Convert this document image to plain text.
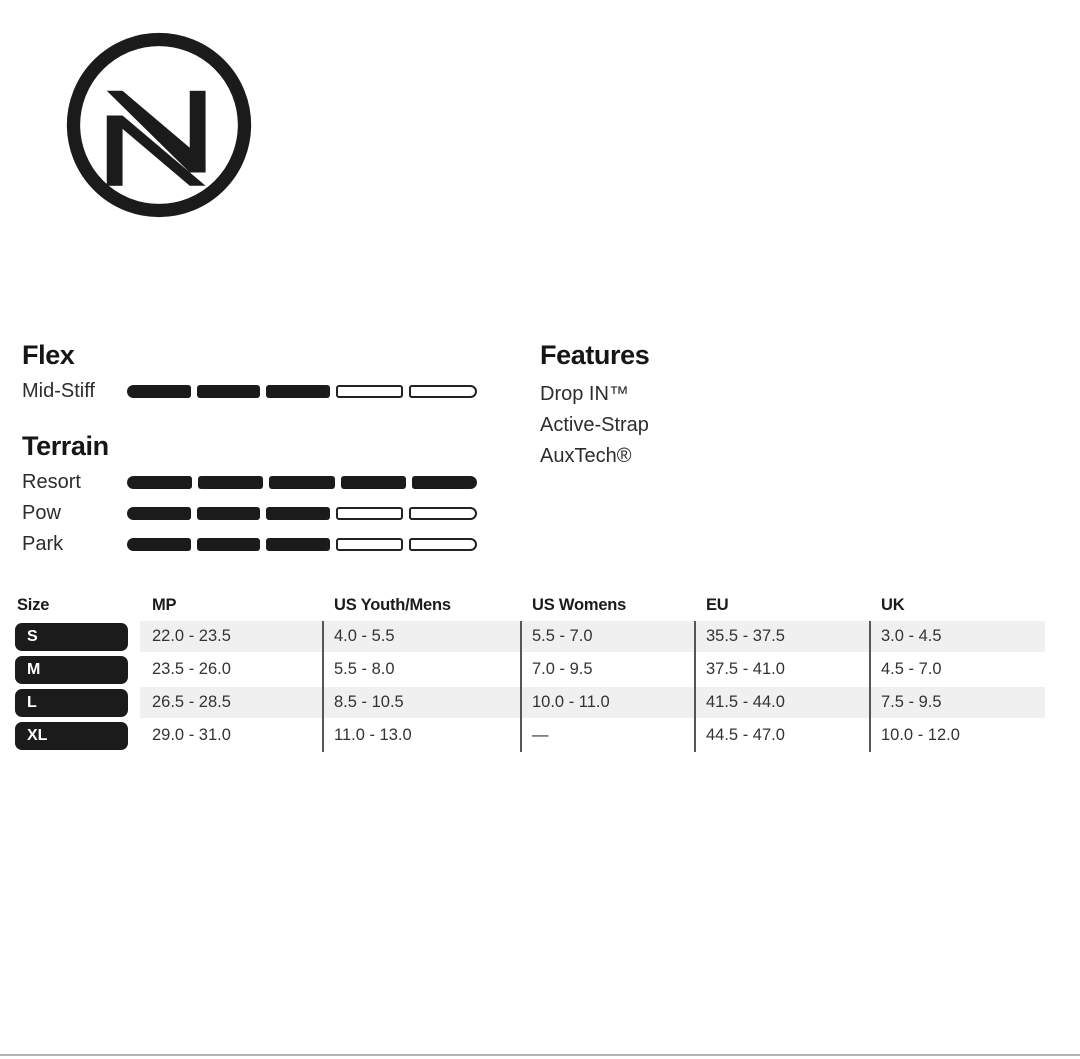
Flex
Mid-Stiff
Terrain
Resort
Pow
Park
Features
Drop IN™
Active-Strap
AuxTech®
Size	MP	US Youth/Mens	US Womens	EU	UK
S	22.0 - 23.5	4.0 - 5.5	5.5 - 7.0	35.5 - 37.5	3.0 - 4.5
M	23.5 - 26.0	5.5 - 8.0	7.0 - 9.5	37.5 - 41.0	4.5 - 7.0
L	26.5 - 28.5	8.5 - 10.5	10.0 - 11.0	41.5 - 44.0	7.5 - 9.5
XL	29.0 - 31.0	11.0 - 13.0	—	44.5 - 47.0	10.0 - 12.0
